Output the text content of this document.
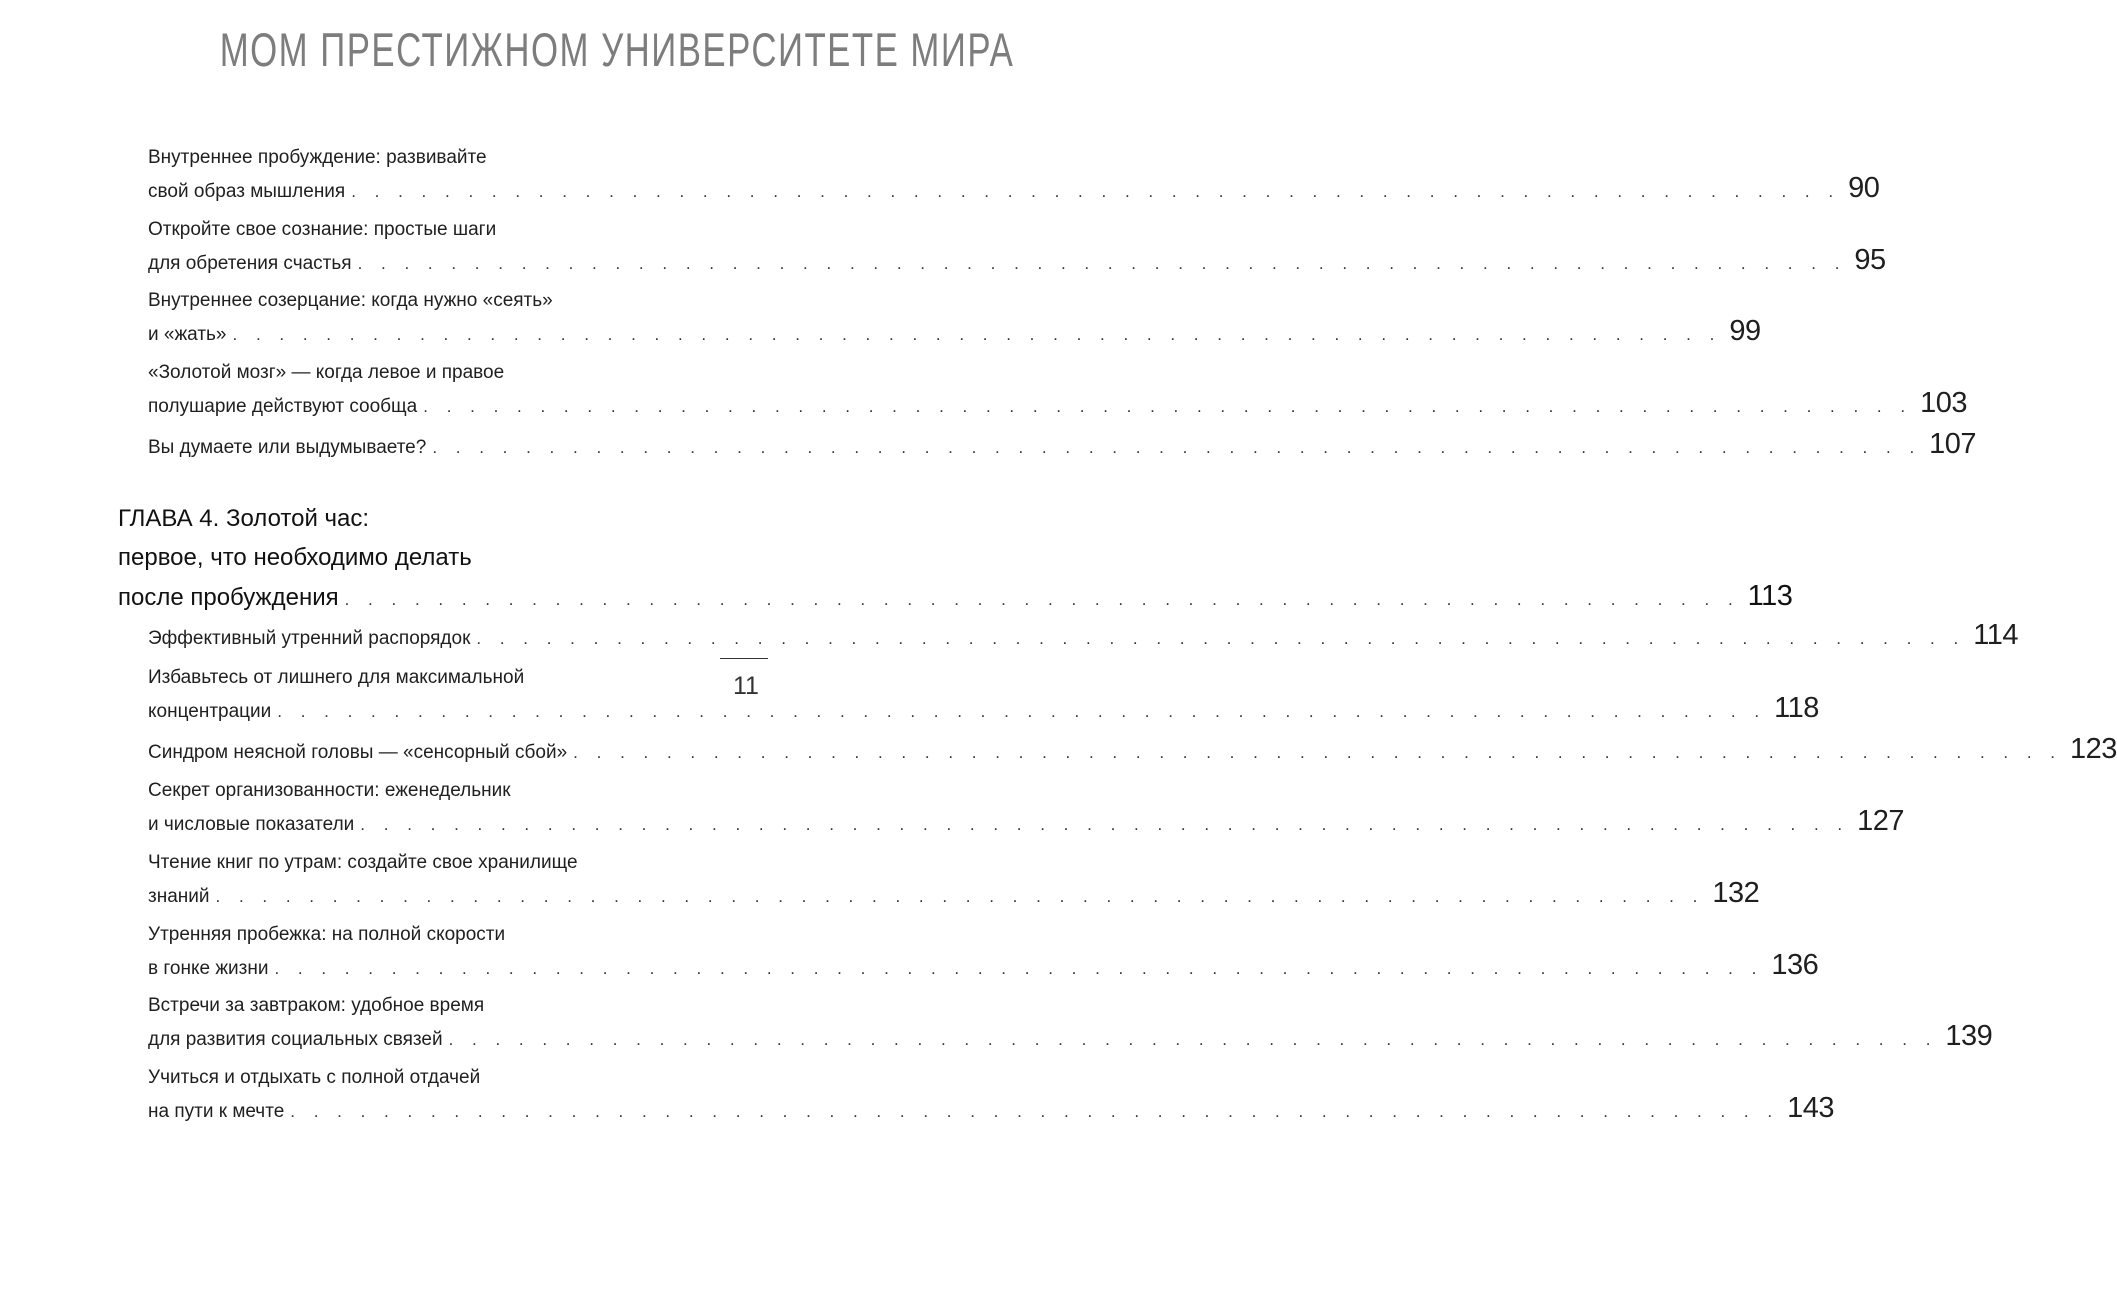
МОМ ПРЕСТИЖНОМ УНИВЕРСИТЕТЕ МИРА
Внутреннее пробуждение: развивайте
свой образ мышления . . .	90
Откройте свое сознание: простые шаги
для обретения счастья . . .	95
Внутреннее созерцание: когда нужно «сеять»
и «жать» . . .	99
«Золотой мозг» — когда левое и правое
полушарие действуют сообща . . .	103
Вы думаете или выдумываете? . . .	107
ГЛАВА 4. Золотой час:
первое, что необходимо делать
после пробуждения . . .	113
Эффективный утренний распорядок . . .	114
Избавьтесь от лишнего для максимальной
концентрации . . .	118
Синдром неясной головы — «сенсорный сбой» . . .	123
Секрет организованности: еженедельник
и числовые показатели . . .	127
Чтение книг по утрам: создайте свое хранилище
знаний . . .	132
Утренняя пробежка: на полной скорости
в гонке жизни . . .	136
Встречи за завтраком: удобное время
для развития социальных связей . . .	139
Учиться и отдыхать с полной отдачей
на пути к мечте . . .	143
11
